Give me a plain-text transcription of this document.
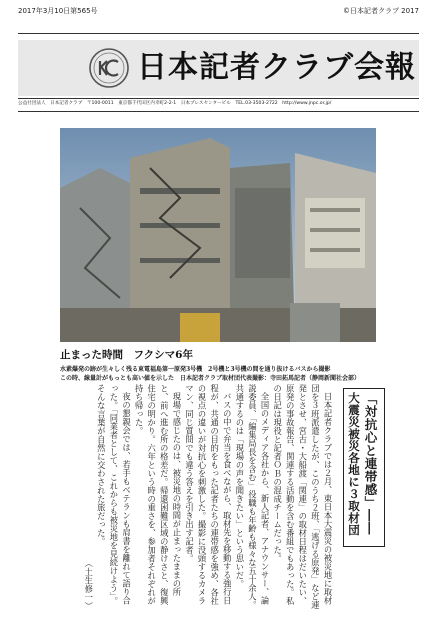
2017年3月10日第565号	©日本記者クラブ 2017
日本記者クラブ会報
公益社団法人　日本記者クラブ　〒100-0011　東京都千代田区内幸町2-2-1　日本プレスセンタービル　TEL.03-3503-2722　http://www.jnpc.or.jp/
止まった時間　フクシマ6年
水素爆発の跡が生々しく残る東電福島第一原発3号機　2号機と3号機の間を通り抜けるバスから撮影
この時、線量計がもっとも高い値を示した　日本記者クラブ取材団代表撮影：寺田拓馬記者（静岡新聞社会部）
「対抗心と連帯感」――
大震災被災各地に３取材団

日本記者クラブでは２月、東日本大震災の被災地に取材団を３班派遣したが、このうち２班、「逃げる原発」など連発とさせ、宮古・大船渡「関連」の取材日程はだいたい、原発の事故報告、関連する活動を含む番組でもあった。私の日記は現役と記者ＯＢの混成チームだった。

全国のメディア各社から、新人記者、アナウンサー、論説委員、「編集局長を含む」役職も年齢も様々な五十余人。共通するのは「現場の声を聞きたい」という思いだ。

バスの中で弁当を食べながら、取材先を移動する強行日程が、共通の目的をもった記者たちの連帯感を強め、各社の視点の違いが対抗心を刺激した。撮影に没頭するカメラマン、同じ質問でも違う答えを引き出す記者。

現場で感じたのは、被災地の時間が止まったままの所と、前へ進む所の格差だ。帰還困難区域の静けさと、復興住宅の明かり。六年という時の重さを、参加者それぞれが持ち帰った。

夜の懇親会では、若手もベテランも肩書を離れて語り合った。「同業者として、これからも被災地を見続けよう」。そんな言葉が自然に交わされた旅だった。

（土生修一）
